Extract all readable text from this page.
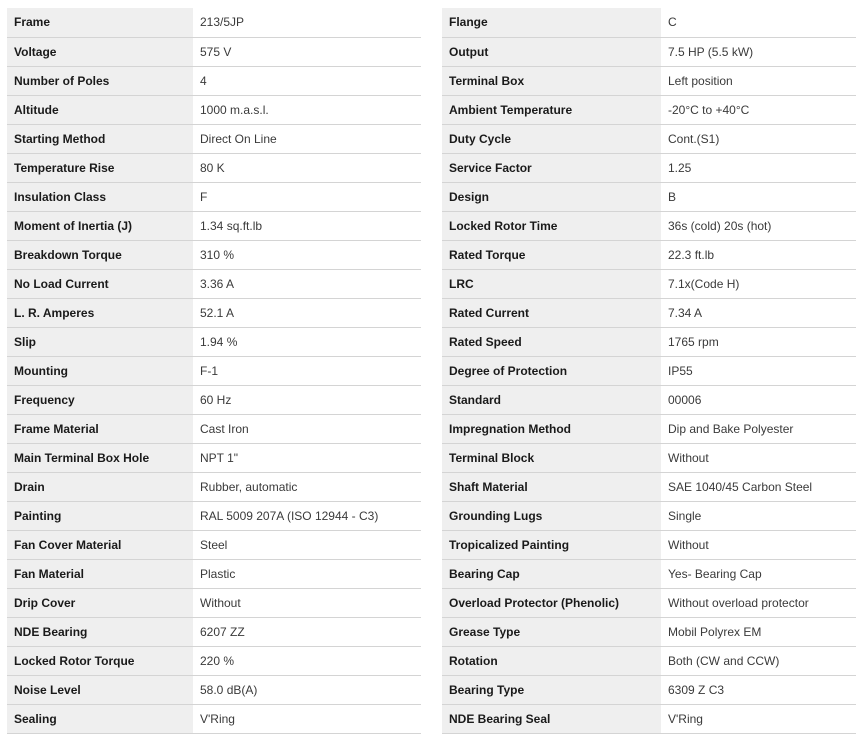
Frame	213/5JP
Voltage	575 V
Number of Poles	4
Altitude	1000 m.a.s.l.
Starting Method	Direct On Line
Temperature Rise	80 K
Insulation Class	F
Moment of Inertia (J)	1.34 sq.ft.lb
Breakdown Torque	310 %
No Load Current	3.36 A
L. R. Amperes	52.1 A
Slip	1.94 %
Mounting	F-1
Frequency	60 Hz
Frame Material	Cast Iron
Main Terminal Box Hole	NPT 1"
Drain	Rubber, automatic
Painting	RAL 5009 207A (ISO 12944 - C3)
Fan Cover Material	Steel
Fan Material	Plastic
Drip Cover	Without
NDE Bearing	6207 ZZ
Locked Rotor Torque	220 %
Noise Level	58.0 dB(A)
Sealing	V'Ring
Flange	C
Output	7.5 HP (5.5 kW)
Terminal Box	Left position
Ambient Temperature	-20°C to +40°C
Duty Cycle	Cont.(S1)
Service Factor	1.25
Design	B
Locked Rotor Time	36s (cold) 20s (hot)
Rated Torque	22.3 ft.lb
LRC	7.1x(Code H)
Rated Current	7.34 A
Rated Speed	1765 rpm
Degree of Protection	IP55
Standard	00006
Impregnation Method	Dip and Bake Polyester
Terminal Block	Without
Shaft Material	SAE 1040/45 Carbon Steel
Grounding Lugs	Single
Tropicalized Painting	Without
Bearing Cap	Yes- Bearing Cap
Overload Protector (Phenolic)	Without overload protector
Grease Type	Mobil Polyrex EM
Rotation	Both (CW and CCW)
Bearing Type	6309 Z C3
NDE Bearing Seal	V'Ring
